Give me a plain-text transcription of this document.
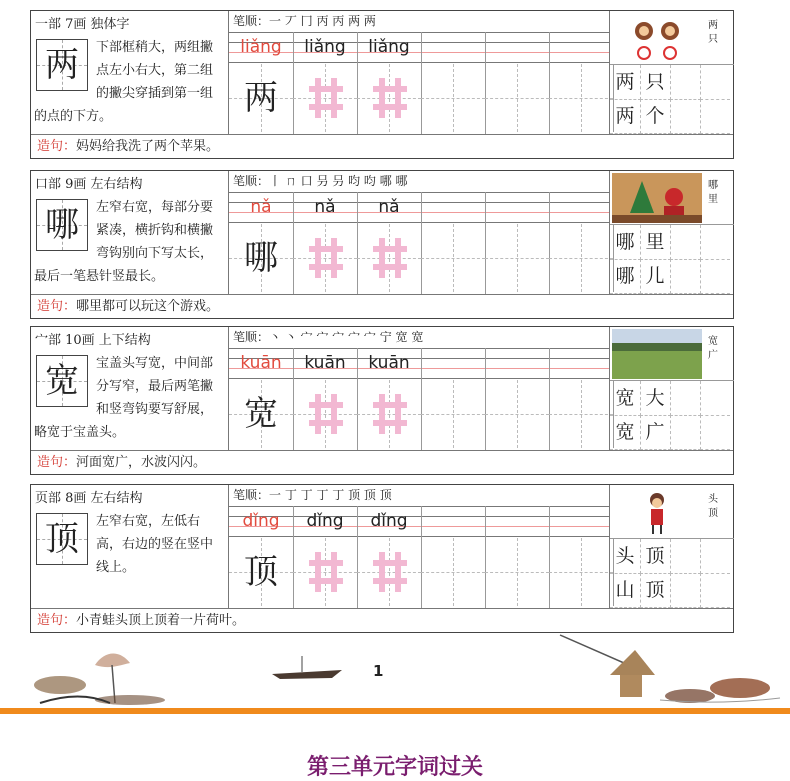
一部 7画 独体字
两	下部框稍大，两组撇点左小右大，第二组的撇尖穿插到第一组的点的下方。
笔顺：一 丆 冂 丙 丙 两 两
liǎng	liǎng	liǎng
两
两只
两 只
两 个
造句：妈妈给我洗了两个苹果。
口部 9画 左右结构
哪	左窄右宽，每部分要紧凑，横折钩和横撇弯钩别向下写太长，最后一笔悬针竖最长。
笔顺：丨 ㄇ 口 叧 叧 呁 呁 哪 哪
nǎ	nǎ	nǎ
哪
哪里
哪 里
哪 儿
造句：哪里都可以玩这个游戏。
宀部 10画 上下结构
宽	宝盖头写宽，中间部分写窄，最后两笔撇和竖弯钩要写舒展，略宽于宝盖头。
笔顺：丶 丶 宀 宀 宀 宀 宀 宁 宽 宽
kuān	kuān	kuān
宽
宽广
宽 大
宽 广
造句：河面宽广，水波闪闪。
页部 8画 左右结构
顶	左窄右宽，左低右高，右边的竖在竖中线上。
笔顺：一 丁 丁 丁 丁 顶 顶 顶
dǐng	dǐng	dǐng
顶
头顶
头 顶
山 顶
造句：小青蛙头顶上顶着一片荷叶。
1
第三单元字词过关
